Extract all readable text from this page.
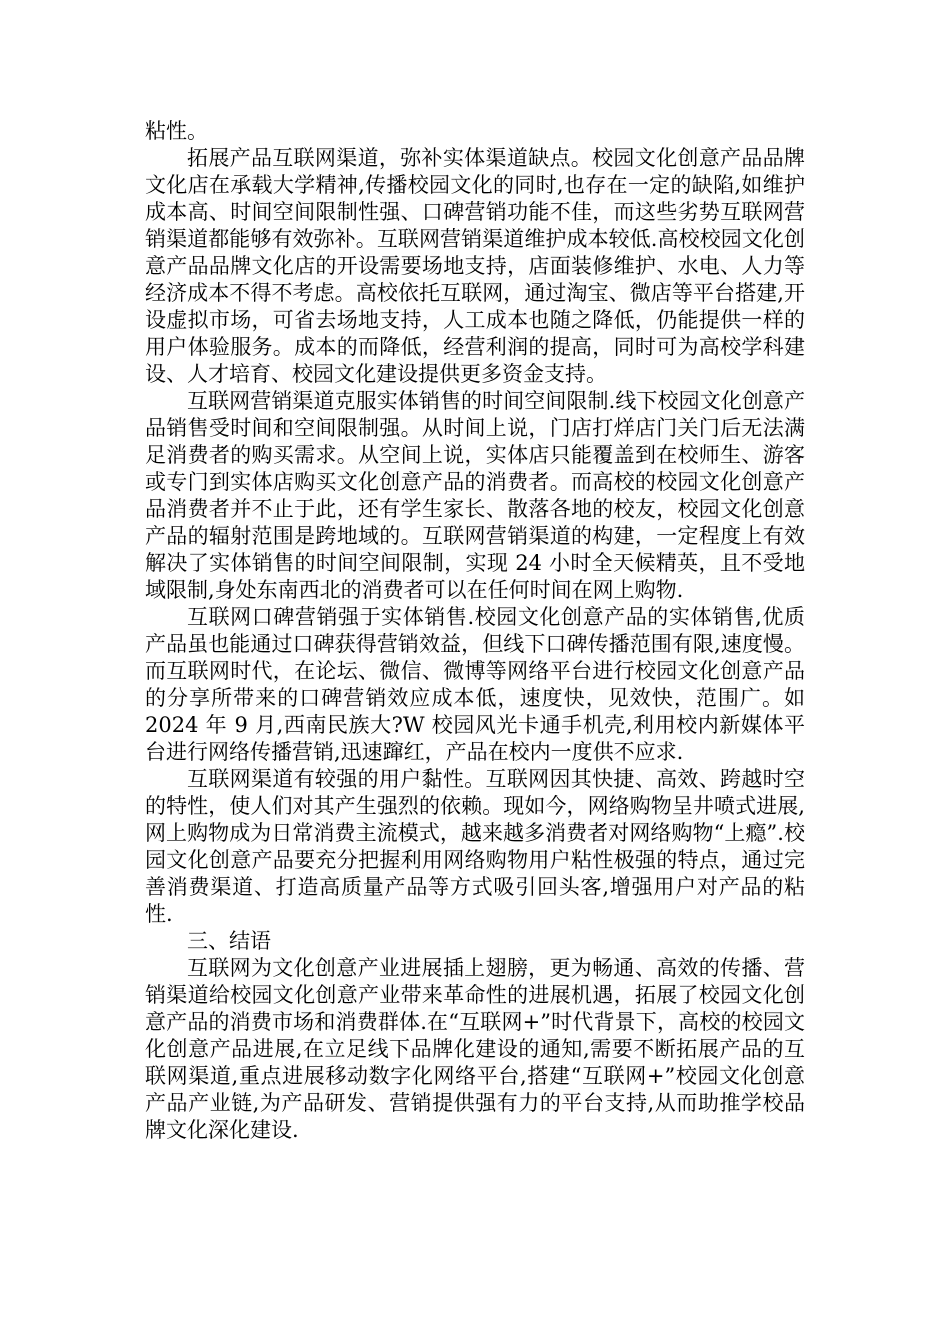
粘性。

拓展产品互联网渠道，弥补实体渠道缺点。校园文化创意产品品牌文化店在承载大学精神,传播校园文化的同时,也存在一定的缺陷,如维护成本高、时间空间限制性强、口碑营销功能不佳，而这些劣势互联网营销渠道都能够有效弥补。互联网营销渠道维护成本较低.高校校园文化创意产品品牌文化店的开设需要场地支持，店面装修维护、水电、人力等经济成本不得不考虑。高校依托互联网，通过淘宝、微店等平台搭建,开设虚拟市场，可省去场地支持，人工成本也随之降低，仍能提供一样的用户体验服务。成本的而降低，经营利润的提高，同时可为高校学科建设、人才培育、校园文化建设提供更多资金支持。

互联网营销渠道克服实体销售的时间空间限制.线下校园文化创意产品销售受时间和空间限制强。从时间上说，门店打烊店门关门后无法满足消费者的购买需求。从空间上说，实体店只能覆盖到在校师生、游客或专门到实体店购买文化创意产品的消费者。而高校的校园文化创意产品消费者并不止于此，还有学生家长、散落各地的校友，校园文化创意产品的辐射范围是跨地域的。互联网营销渠道的构建，一定程度上有效解决了实体销售的时间空间限制，实现 24 小时全天候精英，且不受地域限制,身处东南西北的消费者可以在任何时间在网上购物.

互联网口碑营销强于实体销售.校园文化创意产品的实体销售,优质产品虽也能通过口碑获得营销效益，但线下口碑传播范围有限,速度慢。而互联网时代，在论坛、微信、微博等网络平台进行校园文化创意产品的分享所带来的口碑营销效应成本低，速度快，见效快，范围广。如 2024 年 9 月,西南民族大?W 校园风光卡通手机壳,利用校内新媒体平台进行网络传播营销,迅速蹿红，产品在校内一度供不应求.

互联网渠道有较强的用户黏性。互联网因其快捷、高效、跨越时空的特性，使人们对其产生强烈的依赖。现如今，网络购物呈井喷式进展,网上购物成为日常消费主流模式，越来越多消费者对网络购物“上瘾”.校园文化创意产品要充分把握利用网络购物用户粘性极强的特点，通过完善消费渠道、打造高质量产品等方式吸引回头客,增强用户对产品的粘性.

三、结语

互联网为文化创意产业进展插上翅膀，更为畅通、高效的传播、营销渠道给校园文化创意产业带来革命性的进展机遇，拓展了校园文化创意产品的消费市场和消费群体.在“互联网+”时代背景下，高校的校园文化创意产品进展,在立足线下品牌化建设的通知,需要不断拓展产品的互联网渠道,重点进展移动数字化网络平台,搭建“互联网+”校园文化创意产品产业链,为产品研发、营销提供强有力的平台支持,从而助推学校品牌文化深化建设.
